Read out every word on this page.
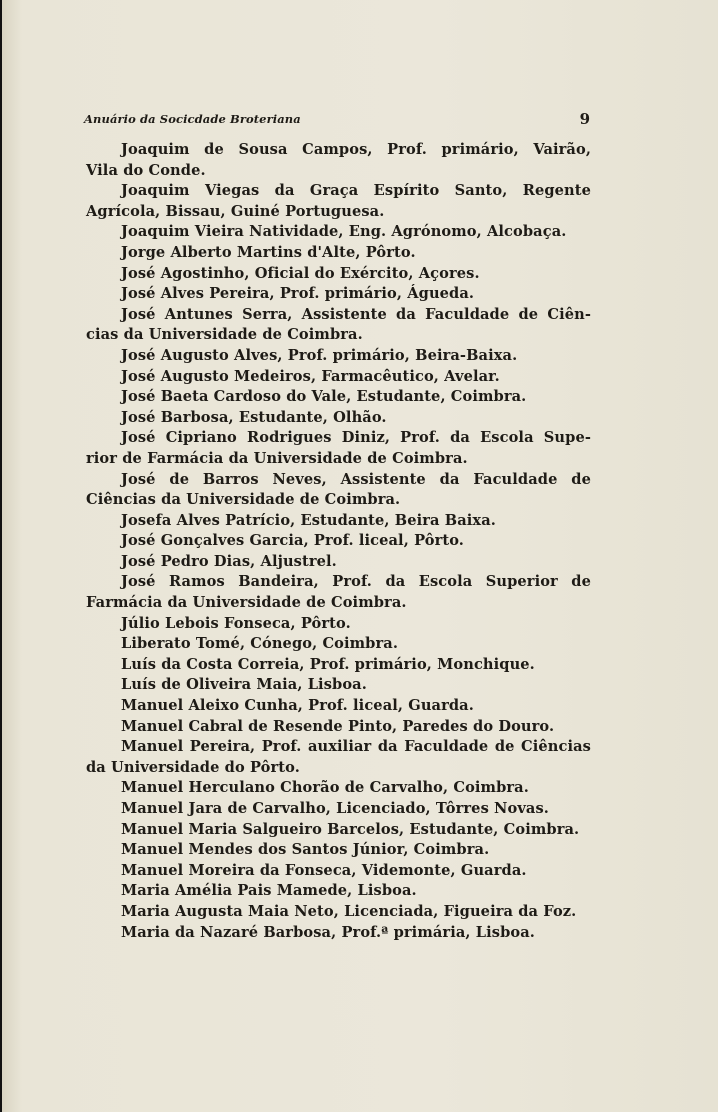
Anuário da Socicdade Broteriana	9
Joaquim de Sousa Campos, Prof. primário, Vairão,
Vila do Conde.
Joaquim Viegas da Graça Espírito Santo, Regente
Agrícola, Bissau, Guiné Portuguesa.
Joaquim Vieira Natividade, Eng. Agrónomo, Alcobaça.
Jorge Alberto Martins d'Alte, Pôrto.
José Agostinho, Oficial do Exército, Açores.
José Alves Pereira, Prof. primário, Águeda.
José Antunes Serra, Assistente da Faculdade de Ciên-
cias da Universidade de Coimbra.
José Augusto Alves, Prof. primário, Beira-Baixa.
José Augusto Medeiros, Farmacêutico, Avelar.
José Baeta Cardoso do Vale, Estudante, Coimbra.
José Barbosa, Estudante, Olhão.
José Cipriano Rodrigues Diniz, Prof. da Escola Supe-
rior de Farmácia da Universidade de Coimbra.
José de Barros Neves, Assistente da Faculdade de
Ciências da Universidade de Coimbra.
Josefa Alves Patrício, Estudante, Beira Baixa.
José Gonçalves Garcia, Prof. liceal, Pôrto.
José Pedro Dias, Aljustrel.
José Ramos Bandeira, Prof. da Escola Superior de
Farmácia da Universidade de Coimbra.
Júlio Lebois Fonseca, Pôrto.
Liberato Tomé, Cónego, Coimbra.
Luís da Costa Correia, Prof. primário, Monchique.
Luís de Oliveira Maia, Lisboa.
Manuel Aleixo Cunha, Prof. liceal, Guarda.
Manuel Cabral de Resende Pinto, Paredes do Douro.
Manuel Pereira, Prof. auxiliar da Faculdade de Ciências
da Universidade do Pôrto.
Manuel Herculano Chorão de Carvalho, Coimbra.
Manuel Jara de Carvalho, Licenciado, Tôrres Novas.
Manuel Maria Salgueiro Barcelos, Estudante, Coimbra.
Manuel Mendes dos Santos Júnior, Coimbra.
Manuel Moreira da Fonseca, Videmonte, Guarda.
Maria Amélia Pais Mamede, Lisboa.
Maria Augusta Maia Neto, Licenciada, Figueira da Foz.
Maria da Nazaré Barbosa, Prof.ª primária, Lisboa.
